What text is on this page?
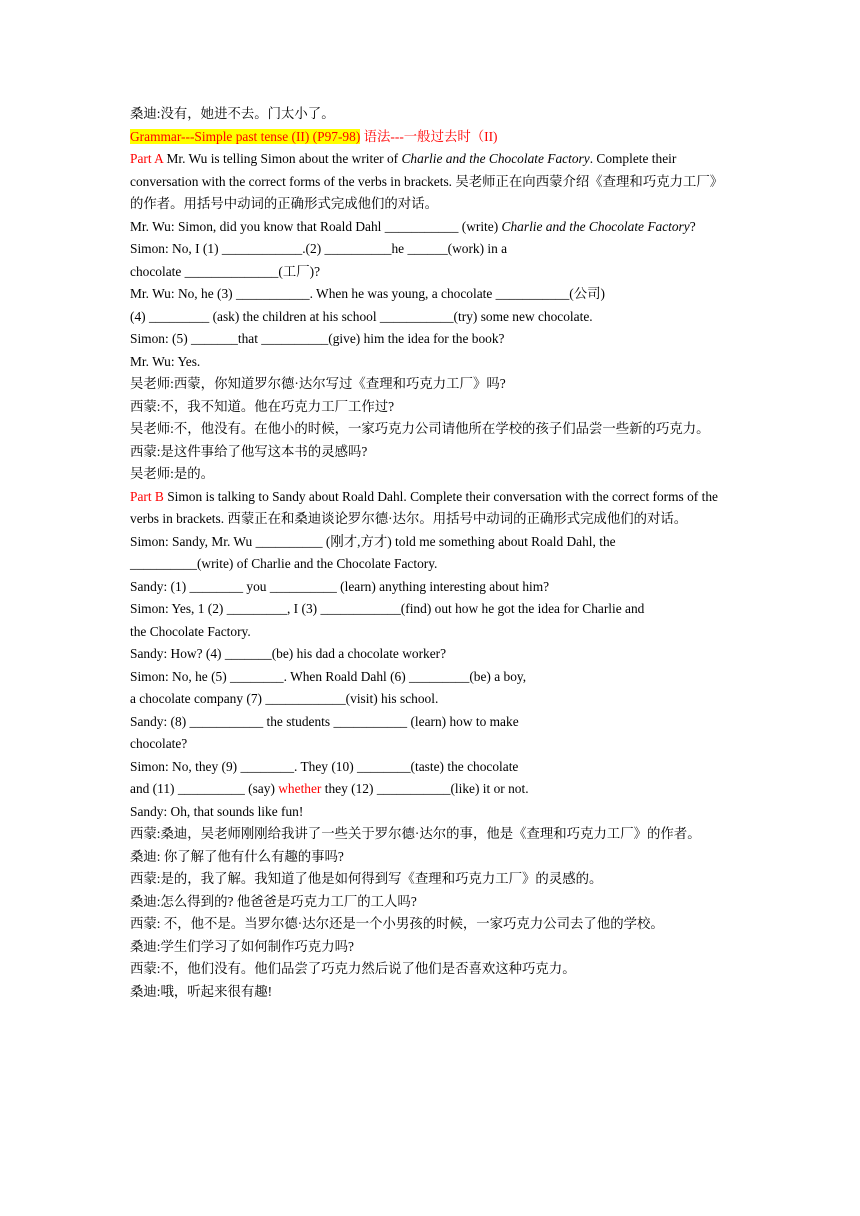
桑迪:没有，她进不去。门太小了。
Grammar---Simple past tense (II) (P97-98) 语法---一般过去时（II)
Part A Mr. Wu is telling Simon about the writer of Charlie and the Chocolate Factory. Complete their conversation with the correct forms of the verbs in brackets. 吴老师正在向西蒙介绍《查理和巧克力工厂》的作者。用括号中动词的正确形式完成他们的对话。
Mr. Wu: Simon, did you know that Roald Dahl ___________ (write) Charlie and the Chocolate Factory?
Simon: No, I (1) ____________.(2) __________he ______(work) in a
chocolate ______________(工厂)?
Mr. Wu: No, he (3) ___________. When he was young, a chocolate ___________(公司)
(4) _________ (ask) the children at his school ___________(try) some new chocolate.
Simon: (5) _______that __________(give) him the idea for the book?
Mr. Wu: Yes.
吴老师:西蒙，你知道罗尔德·达尔写过《查理和巧克力工厂》吗?
西蒙:不，我不知道。他在巧克力工厂工作过?
吴老师:不，他没有。在他小的时候，一家巧克力公司请他所在学校的孩子们品尝一些新的巧克力。
西蒙:是这件事给了他写这本书的灵感吗?
吴老师:是的。
Part B Simon is talking to Sandy about Roald Dahl. Complete their conversation with the correct forms of the verbs in brackets. 西蒙正在和桑迪谈论罗尔德·达尔。用括号中动词的正确形式完成他们的对话。
Simon: Sandy, Mr. Wu __________ (刚才,方才) told me something about Roald Dahl, the
__________(write) of Charlie and the Chocolate Factory.
Sandy: (1) ________ you __________ (learn) anything interesting about him?
Simon: Yes, 1 (2) _________, I (3) ____________(find) out how he got the idea for Charlie and
the Chocolate Factory.
Sandy: How? (4) _______(be) his dad a chocolate worker?
Simon: No, he (5) ________. When Roald Dahl (6) _________(be) a boy,
a chocolate company (7) ____________(visit) his school.
Sandy: (8) ___________ the students ___________ (learn) how to make
chocolate?
Simon: No, they (9) ________. They (10) ________(taste) the chocolate
and (11) __________ (say) whether they (12) ___________(like) it or not.
Sandy: Oh, that sounds like fun!
西蒙:桑迪，吴老师刚刚给我讲了一些关于罗尔德·达尔的事，他是《查理和巧克力工厂》的作者。
桑迪: 你了解了他有什么有趣的事吗?
西蒙:是的，我了解。我知道了他是如何得到写《查理和巧克力工厂》的灵感的。
桑迪:怎么得到的? 他爸爸是巧克力工厂的工人吗?
西蒙: 不，他不是。当罗尔德·达尔还是一个小男孩的时候，一家巧克力公司去了他的学校。
桑迪:学生们学习了如何制作巧克力吗?
西蒙:不，他们没有。他们品尝了巧克力然后说了他们是否喜欢这种巧克力。
桑迪:哦，听起来很有趣!
